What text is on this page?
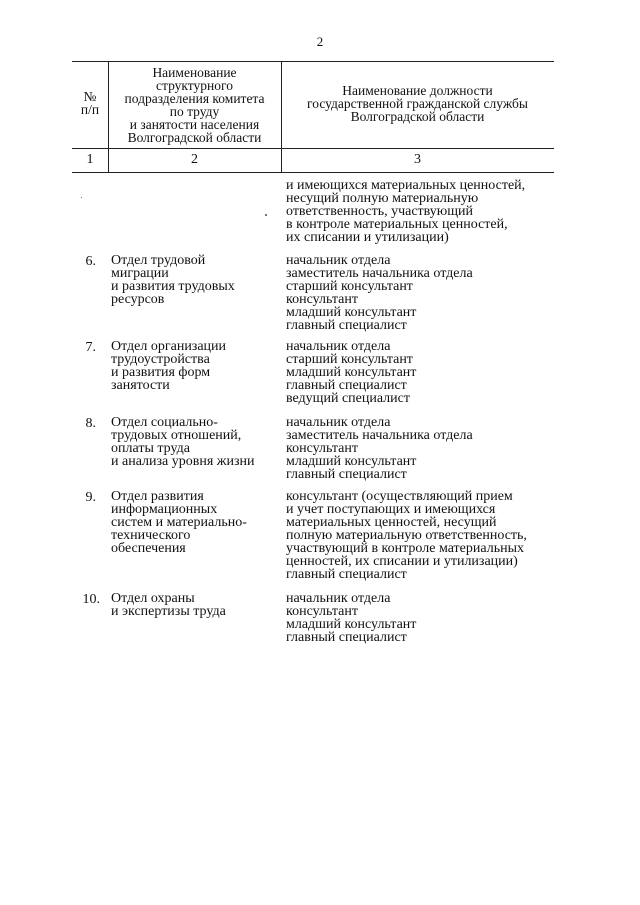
2
№
п/п
Наименование
структурного
подразделения комитета
по труду
и занятости населения
Волгоградской области
Наименование должности
государственной гражданской службы
Волгоградской области
1	2	3
и имеющихся материальных ценностей,
несущий полную материальную
ответственность, участвующий
в контроле материальных ценностей,
их списании и утилизации)
6. Отдел трудовой
миграции
и развития трудовых
ресурсов
начальник отдела
заместитель начальника отдела
старший консультант
консультант
младший консультант
главный специалист
7. Отдел организации
трудоустройства
и развития форм
занятости
начальник отдела
старший консультант
младший консультант
главный специалист
ведущий специалист
8. Отдел социально-
трудовых отношений,
оплаты труда
и анализа уровня жизни
начальник отдела
заместитель начальника отдела
консультант
младший консультант
главный специалист
9. Отдел развития
информационных
систем и материально-
технического
обеспечения
консультант (осуществляющий прием
и учет поступающих и имеющихся
материальных ценностей, несущий
полную материальную ответственность,
участвующий в контроле материальных
ценностей, их списании и утилизации)
главный специалист
10. Отдел охраны
и экспертизы труда
начальник отдела
консультант
младший консультант
главный специалист
